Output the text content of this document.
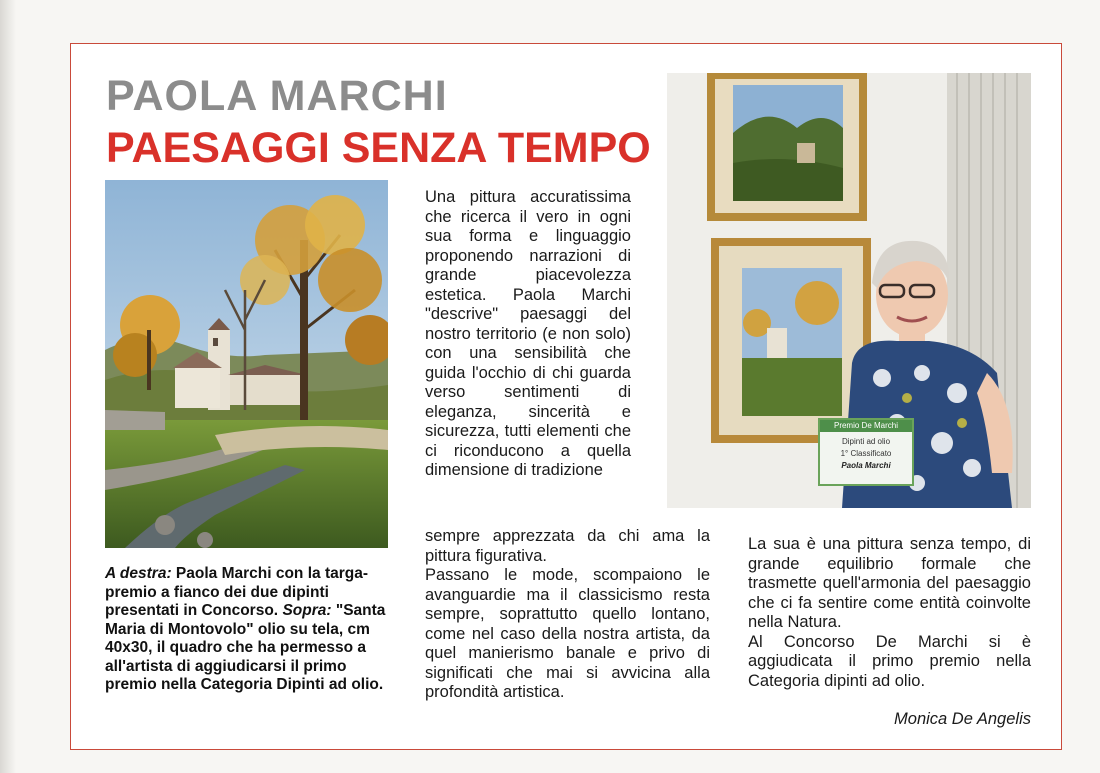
PAOLA MARCHI
Premio De Marchi
Dipinti ad olio
1° Classificato
Paola Marchi
PAESAGGI SENZA TEMPO
A destra: Paola Marchi con la targa-premio a fianco dei due dipinti presentati in Concorso. Sopra: "Santa Maria di Montovolo" olio su tela, cm 40x30, il quadro che ha permesso a all'artista di aggiudicarsi il primo premio nella Categoria Dipinti ad olio.

Una pittura accuratissima che ricerca il vero in ogni sua forma e linguaggio proponendo narrazioni di grande piacevolezza estetica. Paola Marchi "descrive" paesaggi del nostro territorio (e non solo) con una sensibilità che guida l'occhio di chi guarda verso sentimenti di eleganza, sincerità e sicurezza, tutti elementi che ci riconducono a quella dimensione di tradizione

sempre apprezzata da chi ama la pittura figurativa.

Passano le mode, scompaiono le avanguardie ma il classicismo resta sempre, soprattutto quello lontano, come nel caso della nostra artista, da quel manierismo banale e privo di significati che mai si avvicina alla profondità artistica.

La sua è una pittura senza tempo, di grande equilibrio formale che trasmette quell'armonia del paesaggio che ci fa sentire come entità coinvolte nella Natura.

Al Concorso De Marchi si è aggiudicata il primo premio nella Categoria dipinti ad olio.

Monica De Angelis
